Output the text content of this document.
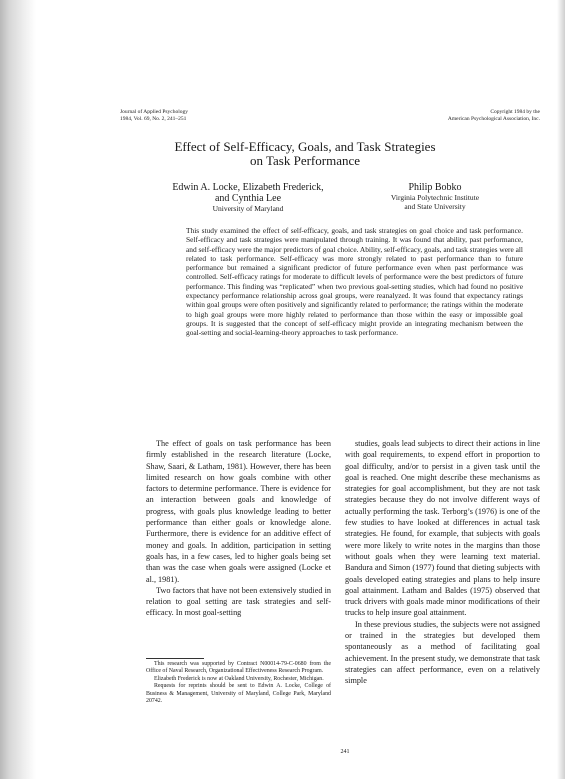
Journal of Applied Psychology
1984, Vol. 69, No. 2, 241–251
Copyright 1984 by the
American Psychological Association, Inc.
Effect of Self-Efficacy, Goals, and Task Strategies
on Task Performance
Edwin A. Locke, Elizabeth Frederick,
and Cynthia Lee
University of Maryland
Philip Bobko
Virginia Polytechnic Institute
and State University
This study examined the effect of self-efficacy, goals, and task strategies on goal choice and task performance. Self-efficacy and task strategies were manipulated through training. It was found that ability, past performance, and self-efficacy were the major predictors of goal choice. Ability, self-efficacy, goals, and task strategies were all related to task performance. Self-efficacy was more strongly related to past performance than to future performance but remained a significant predictor of future performance even when past performance was controlled. Self-efficacy ratings for moderate to difficult levels of performance were the best predictors of future performance. This finding was “replicated” when two previous goal-setting studies, which had found no positive expectancy performance relationship across goal groups, were reanalyzed. It was found that expectancy ratings within goal groups were often positively and significantly related to performance; the ratings within the moderate to high goal groups were more highly related to performance than those within the easy or impossible goal groups. It is suggested that the concept of self-efficacy might provide an integrating mechanism between the goal-setting and social-learning-theory approaches to task performance.

The effect of goals on task performance has been firmly established in the research literature (Locke, Shaw, Saari, & Latham, 1981). However, there has been limited research on how goals combine with other factors to determine performance. There is evidence for an interaction between goals and knowledge of progress, with goals plus knowledge leading to better performance than either goals or knowledge alone. Furthermore, there is evidence for an additive effect of money and goals. In addition, participation in setting goals has, in a few cases, led to higher goals being set than was the case when goals were assigned (Locke et al., 1981).

Two factors that have not been extensively studied in relation to goal setting are task strategies and self-efficacy. In most goal-setting

studies, goals lead subjects to direct their actions in line with goal requirements, to expend effort in proportion to goal difficulty, and/or to persist in a given task until the goal is reached. One might describe these mechanisms as strategies for goal accomplishment, but they are not task strategies because they do not involve different ways of actually performing the task. Terborg’s (1976) is one of the few studies to have looked at differences in actual task strategies. He found, for example, that subjects with goals were more likely to write notes in the margins than those without goals when they were learning text material. Bandura and Simon (1977) found that dieting subjects with goals developed eating strategies and plans to help insure goal attainment. Latham and Baldes (1975) observed that truck drivers with goals made minor modifications of their trucks to help insure goal attainment.

In these previous studies, the subjects were not assigned or trained in the strategies but developed them spontaneously as a method of facilitating goal achievement. In the present study, we demonstrate that task strategies can affect performance, even on a relatively simple

This research was supported by Contract N00014-79-C-0680 from the Office of Naval Research, Organizational Effectiveness Research Program.

Elizabeth Frederick is now at Oakland University, Rochester, Michigan.

Requests for reprints should be sent to Edwin A. Locke, College of Business & Management, University of Maryland, College Park, Maryland 20742.

241
